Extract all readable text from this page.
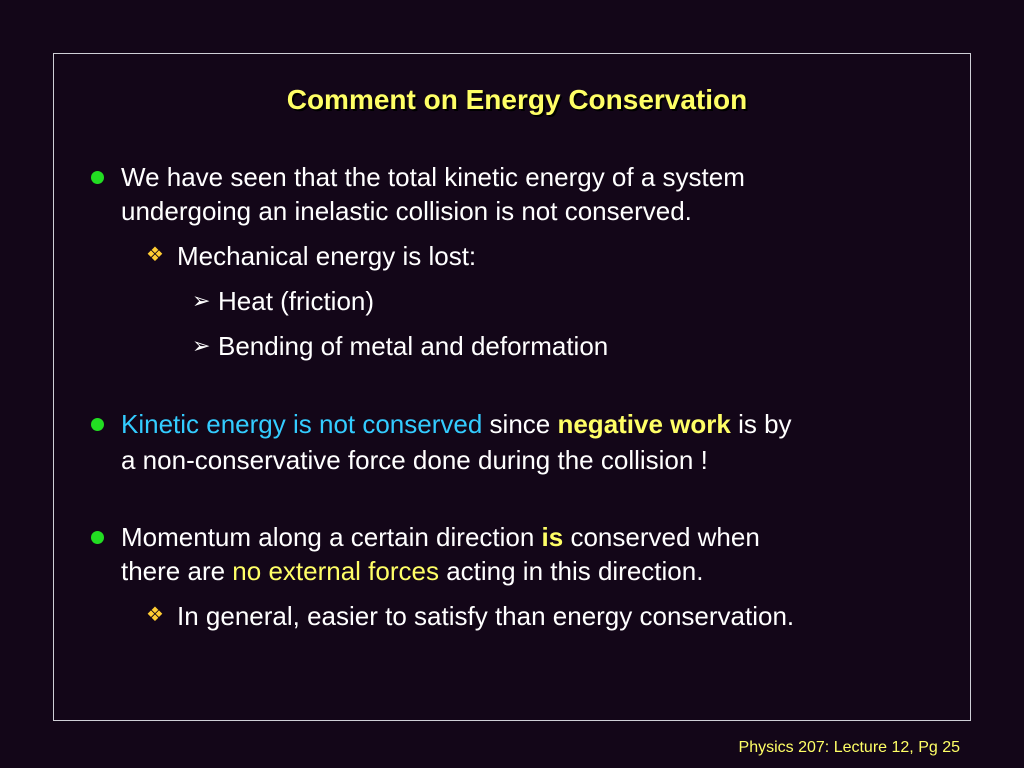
Comment on Energy Conservation
We have seen that the total kinetic energy of a system
undergoing an inelastic collision is not conserved.
❖ Mechanical energy is lost:
➢ Heat (friction)
➢ Bending of metal and deformation
Kinetic energy is not conserved since negative work is by
a non-conservative force done during the collision !
Momentum along a certain direction is conserved when
there are no external forces acting in this direction.
❖ In general, easier to satisfy than energy conservation.
Physics 207: Lecture 12, Pg 25
